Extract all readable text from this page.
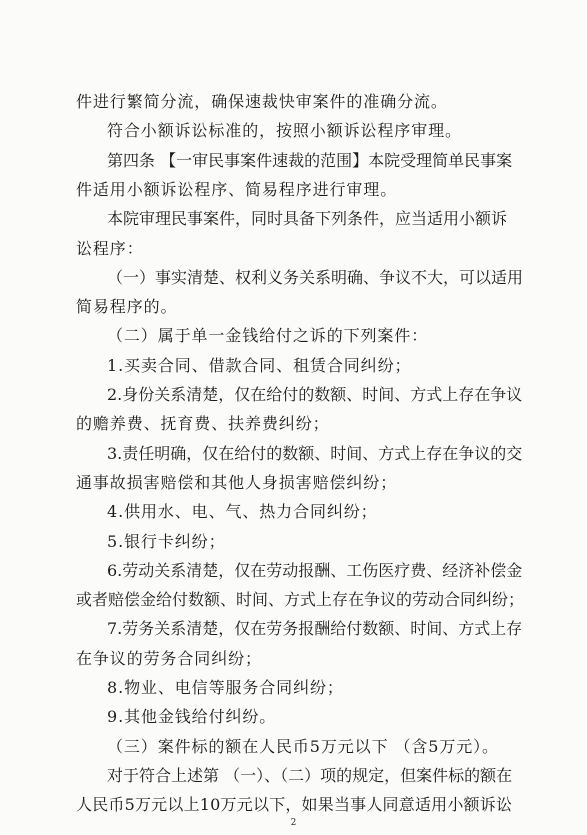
件进行繁简分流，确保速裁快审案件的准确分流。
符合小额诉讼标准的，按照小额诉讼程序审理。
第四条 【一审民事案件速裁的范围】本院受理简单民事案
件适用小额诉讼程序、简易程序进行审理。
本院审理民事案件，同时具备下列条件，应当适用小额诉
讼程序：
（一）事实清楚、权利义务关系明确、争议不大，可以适用
简易程序的。
（二）属于单一金钱给付之诉的下列案件：
1.买卖合同、借款合同、租赁合同纠纷；
2.身份关系清楚，仅在给付的数额、时间、方式上存在争议
的赡养费、抚育费、扶养费纠纷；
3.责任明确，仅在给付的数额、时间、方式上存在争议的交
通事故损害赔偿和其他人身损害赔偿纠纷；
4.供用水、电、气、热力合同纠纷；
5.银行卡纠纷；
6.劳动关系清楚，仅在劳动报酬、工伤医疗费、经济补偿金
或者赔偿金给付数额、时间、方式上存在争议的劳动合同纠纷；
7.劳务关系清楚，仅在劳务报酬给付数额、时间、方式上存
在争议的劳务合同纠纷；
8.物业、电信等服务合同纠纷；
9.其他金钱给付纠纷。
（三）案件标的额在人民币5万元以下 （含5万元）。
对于符合上述第 （一）、（二）项的规定，但案件标的额在
人民币5万元以上10万元以下，如果当事人同意适用小额诉讼
2
